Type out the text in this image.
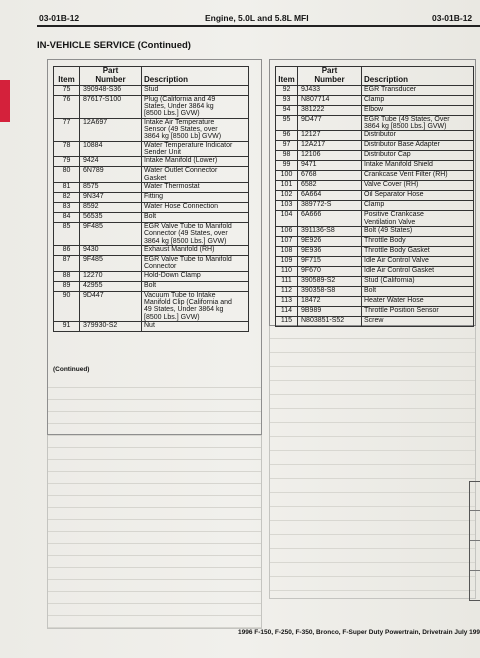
03-01B-12	Engine, 5.0L and 5.8L MFI	03-01B-12
IN-VEHICLE SERVICE (Continued)
Item	Part
Number	Description
75	390948-S36	Stud
76	87617-S100	Plug (California and 49
States, Under 3864 kg
[8500 Lbs.] GVW)
77	12A697	Intake Air Temperature
Sensor (49 States, over
3864 kg [8500 Lb] GVW)
78	10884	Water Temperature Indicator
Sender Unit
79	9424	Intake Manifold (Lower)
80	6N789	Water Outlet Connector
Gasket
81	8575	Water Thermostat
82	9N347	Fitting
83	8592	Water Hose Connection
84	56535	Bolt
85	9F485	EGR Valve Tube to Manifold
Connector (49 States, over
3864 kg [8500 Lbs.] GVW)
86	9430	Exhaust Manifold (RH)
87	9F485	EGR Valve Tube to Manifold
Connector
88	12270	Hold-Down Clamp
89	42955	Bolt
90	9D447	Vacuum Tube to Intake
Manifold Clip (California and
49 States, Under 3864 kg
[8500 Lbs.] GVW)
91	379930-S2	Nut
(Continued)
Item	Part
Number	Description
92	9J433	EGR Transducer
93	N807714	Clamp
94	381222	Elbow
95	9D477	EGR Tube (49 States, Over
3864 kg [8500 Lbs.] GVW)
96	12127	Distributor
97	12A217	Distributor Base Adapter
98	12106	Distributor Cap
99	9471	Intake Manifold Shield
100	6768	Crankcase Vent Filter (RH)
101	6582	Valve Cover (RH)
102	6A664	Oil Separator Hose
103	389772-S	Clamp
104	6A666	Positive Crankcase
Ventilation Valve
106	391136-S8	Bolt (49 States)
107	9E926	Throttle Body
108	9E936	Throttle Body Gasket
109	9F715	Idle Air Control Valve
110	9F670	Idle Air Control Gasket
111	390589-S2	Stud (California)
112	390358-S8	Bolt
113	18472	Heater Water Hose
114	9B989	Throttle Position Sensor
115	N803851-S52	Screw
1996 F-150, F-250, F-350, Bronco, F-Super Duty Powertrain, Drivetrain July 199
